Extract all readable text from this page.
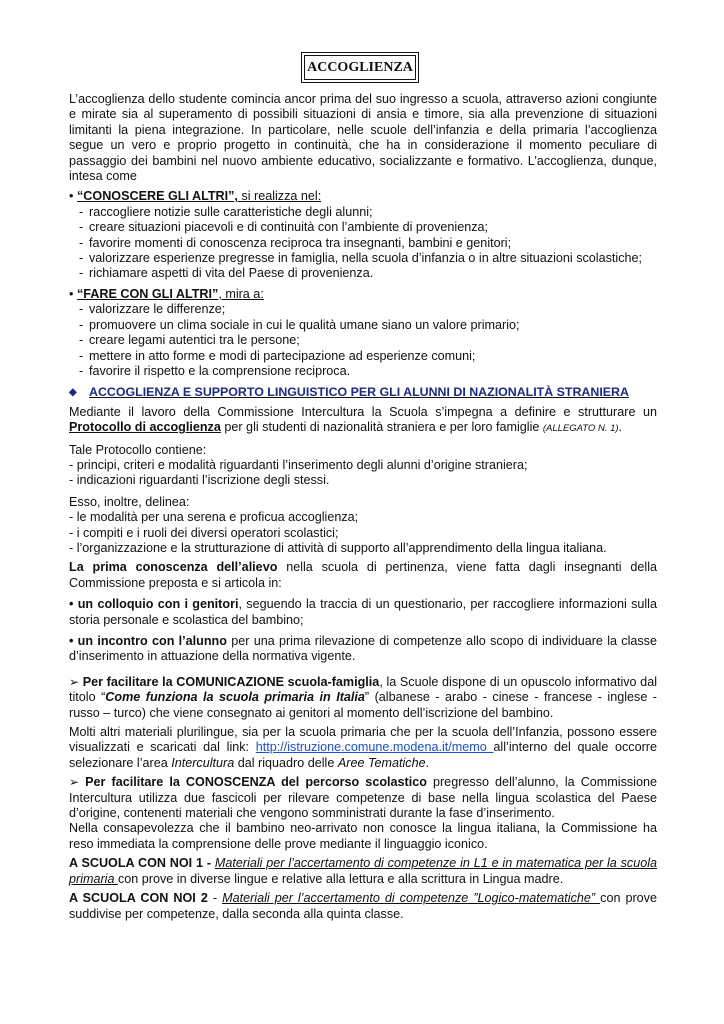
ACCOGLIENZA

L’accoglienza dello studente comincia ancor prima del suo ingresso a scuola, attraverso azioni congiunte e mirate sia al superamento di possibili situazioni di ansia e timore, sia alla prevenzione di situazioni limitanti la piena integrazione. In particolare, nelle scuole dell’infanzia e della primaria l’accoglienza segue un vero e proprio progetto in continuità, che ha in considerazione il momento peculiare di passaggio dei bambini nel nuovo ambiente educativo, socializzante e formativo. L’accoglienza, dunque, intesa come

• “CONOSCERE GLI ALTRI”, si realizza nel:
- raccogliere notizie sulle caratteristiche degli alunni;
- creare situazioni piacevoli e di continuità con l’ambiente di provenienza;
- favorire momenti di conoscenza reciproca tra insegnanti, bambini e genitori;
- valorizzare esperienze pregresse in famiglia, nella scuola d’infanzia o in altre situazioni scolastiche;
- richiamare aspetti di vita del Paese di provenienza.
• “FARE CON GLI ALTRI”, mira a:
- valorizzare le differenze;
- promuovere un clima sociale in cui le qualità umane siano un valore primario;
- creare legami autentici tra le persone;
- mettere in atto forme e modi di partecipazione ad esperienze comuni;
- favorire il rispetto e la comprensione reciproca.
◆ ACCOGLIENZA E SUPPORTO LINGUISTICO PER GLI ALUNNI DI NAZIONALITÀ STRANIERA

Mediante il lavoro della Commissione Intercultura la Scuola s’impegna a definire e strutturare un Protocollo di accoglienza per gli studenti di nazionalità straniera e per loro famiglie (ALLEGATO N. 1).

Tale Protocollo contiene:

- principi, criteri e modalità riguardanti l’inserimento degli alunni d’origine straniera;

- indicazioni riguardanti l’iscrizione degli stessi.

Esso, inoltre, delinea:

- le modalità per una serena e proficua accoglienza;

- i compiti e i ruoli dei diversi operatori scolastici;

- l’organizzazione e la strutturazione di attività di supporto all’apprendimento della lingua italiana.

La prima conoscenza dell’alievo nella scuola di pertinenza, viene fatta dagli insegnanti della Commissione preposta e si articola in:

• un colloquio con i genitori, seguendo la traccia di un questionario, per raccogliere informazioni sulla storia personale e scolastica del bambino;

• un incontro con l’alunno per una prima rilevazione di competenze allo scopo di individuare la classe d’inserimento in attuazione della normativa vigente.

➢ Per facilitare la COMUNICAZIONE scuola-famiglia, la Scuole dispone di un opuscolo informativo dal titolo “Come funziona la scuola primaria in Italia” (albanese - arabo - cinese - francese - inglese - russo – turco) che viene consegnato ai genitori al momento dell’iscrizione del bambino.

Molti altri materiali plurilingue, sia per la scuola primaria che per la scuola dell’Infanzia, possono essere visualizzati e scaricati dal link: http://istruzione.comune.modena.it/memo all’interno del quale occorre selezionare l’area Intercultura dal riquadro delle Aree Tematiche.

➢ Per facilitare la CONOSCENZA del percorso scolastico pregresso dell’alunno, la Commissione Intercultura utilizza due fascicoli per rilevare competenze di base nella lingua scolastica del Paese d’origine, contenenti materiali che vengono somministrati durante la fase d’inserimento.

Nella consapevolezza che il bambino neo-arrivato non conosce la lingua italiana, la Commissione ha reso immediata la comprensione delle prove mediante il linguaggio iconico.

A SCUOLA CON NOI 1 - Materiali per l’accertamento di competenze in L1 e in matematica per la scuola primaria con prove in diverse lingue e relative alla lettura e alla scrittura in Lingua madre.

A SCUOLA CON NOI 2 - Materiali per l’accertamento di competenze ”Logico-matematiche” con prove suddivise per competenze, dalla seconda alla quinta classe.
